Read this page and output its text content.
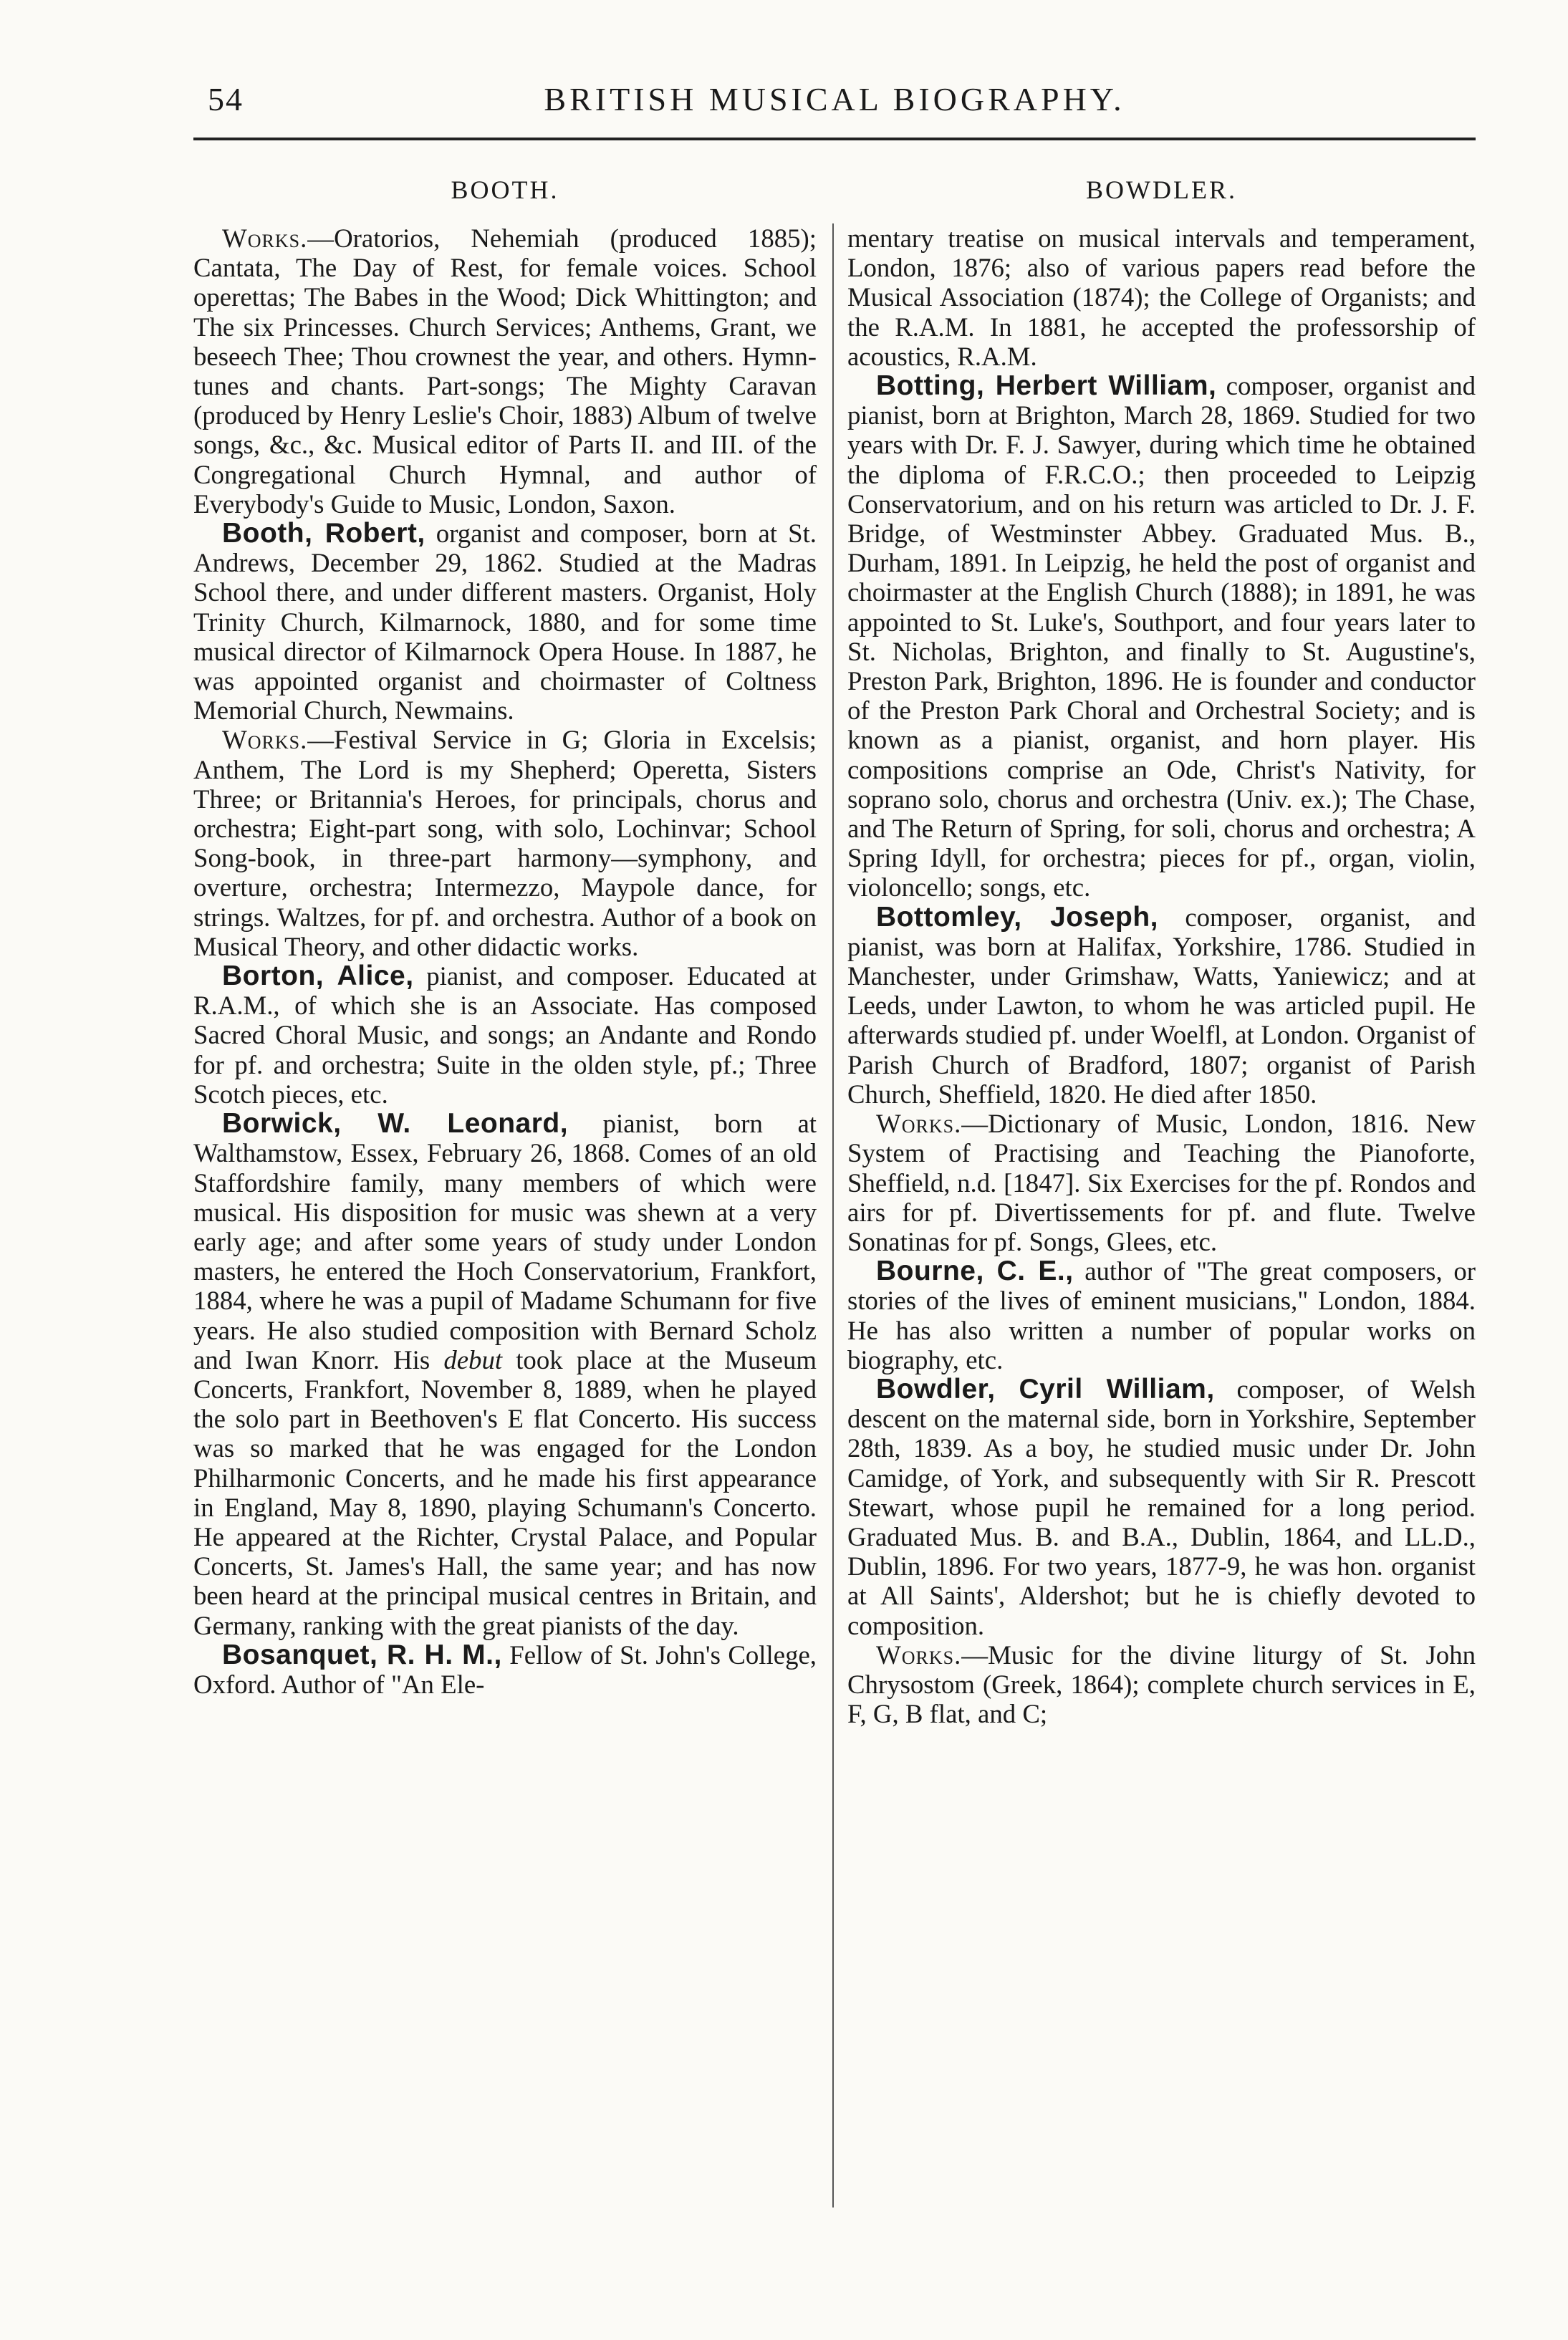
54	BRITISH MUSICAL BIOGRAPHY.
BOOTH.	BOWDLER.

Works.—Oratorios, Nehemiah (produced 1885); Cantata, The Day of Rest, for female voices. School operettas; The Babes in the Wood; Dick Whittington; and The six Princesses. Church Services; Anthems, Grant, we beseech Thee; Thou crownest the year, and others. Hymn-tunes and chants. Part-songs; The Mighty Caravan (produced by Henry Leslie's Choir, 1883) Album of twelve songs, &c., &c. Musical editor of Parts II. and III. of the Congregational Church Hymnal, and author of Everybody's Guide to Music, London, Saxon.

Booth, Robert, organist and composer, born at St. Andrews, December 29, 1862. Studied at the Madras School there, and under different masters. Organist, Holy Trinity Church, Kilmarnock, 1880, and for some time musical director of Kilmarnock Opera House. In 1887, he was appointed organist and choirmaster of Coltness Memorial Church, Newmains.

Works.—Festival Service in G; Gloria in Excelsis; Anthem, The Lord is my Shepherd; Operetta, Sisters Three; or Britannia's Heroes, for principals, chorus and orchestra; Eight-part song, with solo, Lochinvar; School Song-book, in three-part harmony—symphony, and overture, orchestra; Intermezzo, Maypole dance, for strings. Waltzes, for pf. and orchestra. Author of a book on Musical Theory, and other didactic works.

Borton, Alice, pianist, and composer. Educated at R.A.M., of which she is an Associate. Has composed Sacred Choral Music, and songs; an Andante and Rondo for pf. and orchestra; Suite in the olden style, pf.; Three Scotch pieces, etc.

Borwick, W. Leonard, pianist, born at Walthamstow, Essex, February 26, 1868. Comes of an old Staffordshire family, many members of which were musical. His disposition for music was shewn at a very early age; and after some years of study under London masters, he entered the Hoch Conservatorium, Frankfort, 1884, where he was a pupil of Madame Schumann for five years. He also studied composition with Bernard Scholz and Iwan Knorr. His debut took place at the Museum Concerts, Frankfort, November 8, 1889, when he played the solo part in Beethoven's E flat Concerto. His success was so marked that he was engaged for the London Philharmonic Concerts, and he made his first appearance in England, May 8, 1890, playing Schumann's Concerto. He appeared at the Richter, Crystal Palace, and Popular Concerts, St. James's Hall, the same year; and has now been heard at the principal musical centres in Britain, and Germany, ranking with the great pianists of the day.

Bosanquet, R. H. M., Fellow of St. John's College, Oxford. Author of "An Ele-

mentary treatise on musical intervals and temperament, London, 1876; also of various papers read before the Musical Association (1874); the College of Organists; and the R.A.M. In 1881, he accepted the professorship of acoustics, R.A.M.

Botting, Herbert William, composer, organist and pianist, born at Brighton, March 28, 1869. Studied for two years with Dr. F. J. Sawyer, during which time he obtained the diploma of F.R.C.O.; then proceeded to Leipzig Conservatorium, and on his return was articled to Dr. J. F. Bridge, of Westminster Abbey. Graduated Mus. B., Durham, 1891. In Leipzig, he held the post of organist and choirmaster at the English Church (1888); in 1891, he was appointed to St. Luke's, Southport, and four years later to St. Nicholas, Brighton, and finally to St. Augustine's, Preston Park, Brighton, 1896. He is founder and conductor of the Preston Park Choral and Orchestral Society; and is known as a pianist, organist, and horn player. His compositions comprise an Ode, Christ's Nativity, for soprano solo, chorus and orchestra (Univ. ex.); The Chase, and The Return of Spring, for soli, chorus and orchestra; A Spring Idyll, for orchestra; pieces for pf., organ, violin, violoncello; songs, etc.

Bottomley, Joseph, composer, organist, and pianist, was born at Halifax, Yorkshire, 1786. Studied in Manchester, under Grimshaw, Watts, Yaniewicz; and at Leeds, under Lawton, to whom he was articled pupil. He afterwards studied pf. under Woelfl, at London. Organist of Parish Church of Bradford, 1807; organist of Parish Church, Sheffield, 1820. He died after 1850.

Works.—Dictionary of Music, London, 1816. New System of Practising and Teaching the Pianoforte, Sheffield, n.d. [1847]. Six Exercises for the pf. Rondos and airs for pf. Divertissements for pf. and flute. Twelve Sonatinas for pf. Songs, Glees, etc.

Bourne, C. E., author of "The great composers, or stories of the lives of eminent musicians," London, 1884. He has also written a number of popular works on biography, etc.

Bowdler, Cyril William, composer, of Welsh descent on the maternal side, born in Yorkshire, September 28th, 1839. As a boy, he studied music under Dr. John Camidge, of York, and subsequently with Sir R. Prescott Stewart, whose pupil he remained for a long period. Graduated Mus. B. and B.A., Dublin, 1864, and LL.D., Dublin, 1896. For two years, 1877-9, he was hon. organist at All Saints', Aldershot; but he is chiefly devoted to composition.

Works.—Music for the divine liturgy of St. John Chrysostom (Greek, 1864); complete church services in E, F, G, B flat, and C;
